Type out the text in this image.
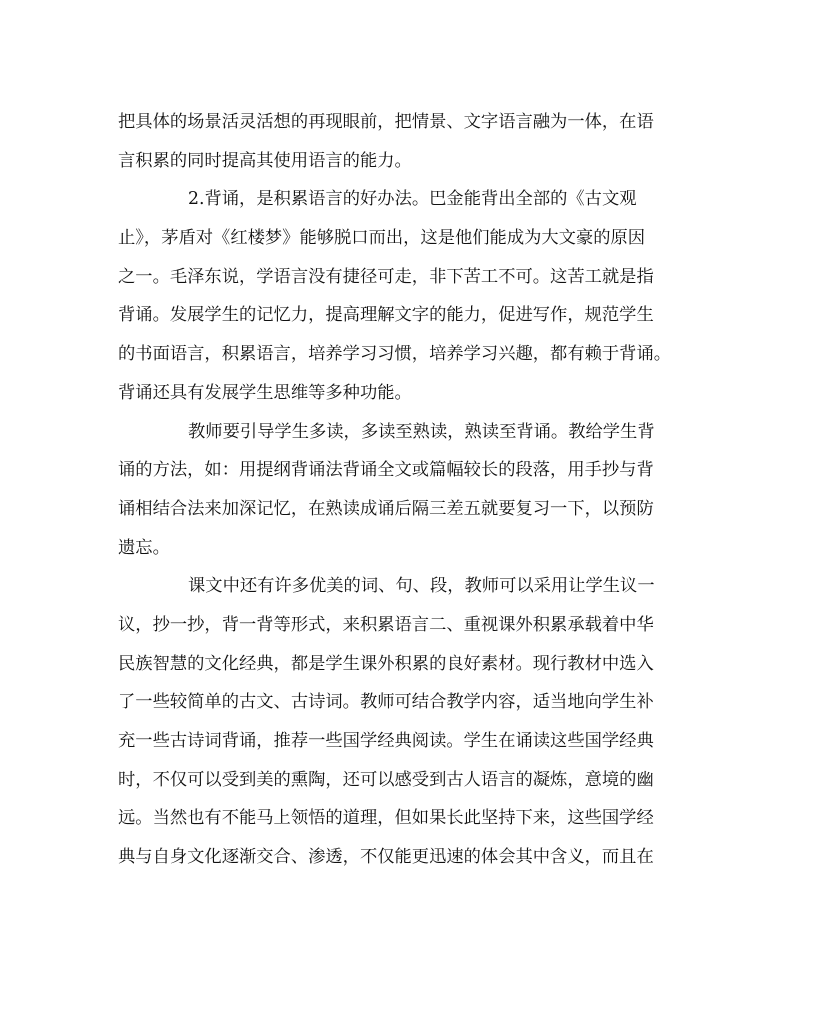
把具体的场景活灵活想的再现眼前，把情景、文字语言融为一体，在语
言积累的同时提高其使用语言的能力。
2.背诵，是积累语言的好办法。巴金能背出全部的《古文观
止》，茅盾对《红楼梦》能够脱口而出，这是他们能成为大文豪的原因
之一。毛泽东说，学语言没有捷径可走，非下苦工不可。这苦工就是指
背诵。发展学生的记忆力，提高理解文字的能力，促进写作，规范学生
的书面语言，积累语言，培养学习习惯，培养学习兴趣，都有赖于背诵。
背诵还具有发展学生思维等多种功能。
教师要引导学生多读，多读至熟读，熟读至背诵。教给学生背
诵的方法，如：用提纲背诵法背诵全文或篇幅较长的段落，用手抄与背
诵相结合法来加深记忆，在熟读成诵后隔三差五就要复习一下，以预防
遗忘。
课文中还有许多优美的词、句、段，教师可以采用让学生议一
议，抄一抄，背一背等形式，来积累语言二、重视课外积累承载着中华
民族智慧的文化经典，都是学生课外积累的良好素材。现行教材中选入
了一些较简单的古文、古诗词。教师可结合教学内容，适当地向学生补
充一些古诗词背诵，推荐一些国学经典阅读。学生在诵读这些国学经典
时，不仅可以受到美的熏陶，还可以感受到古人语言的凝炼，意境的幽
远。当然也有不能马上领悟的道理，但如果长此坚持下来，这些国学经
典与自身文化逐渐交合、渗透，不仅能更迅速的体会其中含义，而且在
